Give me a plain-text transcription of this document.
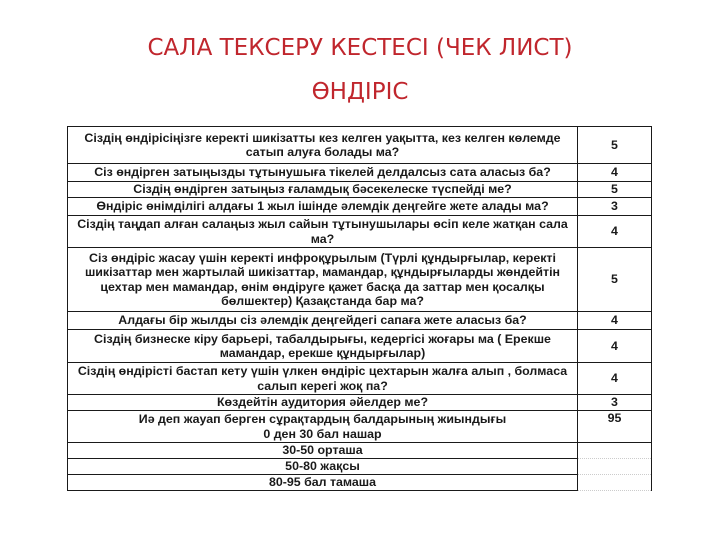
САЛА ТЕКСЕРУ КЕСТЕСІ (ЧЕК ЛИСТ)
ӨНДІРІС
Сіздің өндірісіңізге керекті шикізатты кез келген уақытта, кез келген көлемде сатып алуға болады ма?	5
Сіз өндірген затыңызды тұтынушыға тікелей делдалсыз сата аласыз ба?	4
Сіздің өндірген затыңыз ғаламдық бәсекелеске түспейді ме?	5
Өндіріс өнімділігі алдағы 1 жыл ішінде әлемдік деңгейге жете алады ма?	3
Сіздің таңдап алған салаңыз жыл сайын тұтынушылары өсіп келе жатқан сала ма?	4
Сіз өндіріс жасау үшін керекті инфроқұрылым (Түрлі құндырғылар, керекті шикізаттар мен жартылай шикізаттар, мамандар, құндырғыларды жөндейтін цехтар мен мамандар, өнім өндіруге қажет басқа да заттар мен қосалқы бөлшектер) Қазақстанда бар ма?	5
Алдағы бір жылды сіз әлемдік деңгейдегі сапаға жете аласыз ба?	4
Сіздің бизнеске кіру барьері, табалдырығы, кедергісі жоғары ма ( Ерекше мамандар, ерекше құндырғылар)	4
Сіздің өндірісті бастап кету үшін үлкен өндіріс цехтарын жалға алып , болмаса салып керегі жоқ па?	4
Көздейтін аудитория әйелдер ме?	3

Иә деп жауап берген сұрақтардың балдарының жиындығы
0 ден 30 бал нашар	95
30-50 орташа	
50-80 жақсы	
80-95 бал тамаша	
